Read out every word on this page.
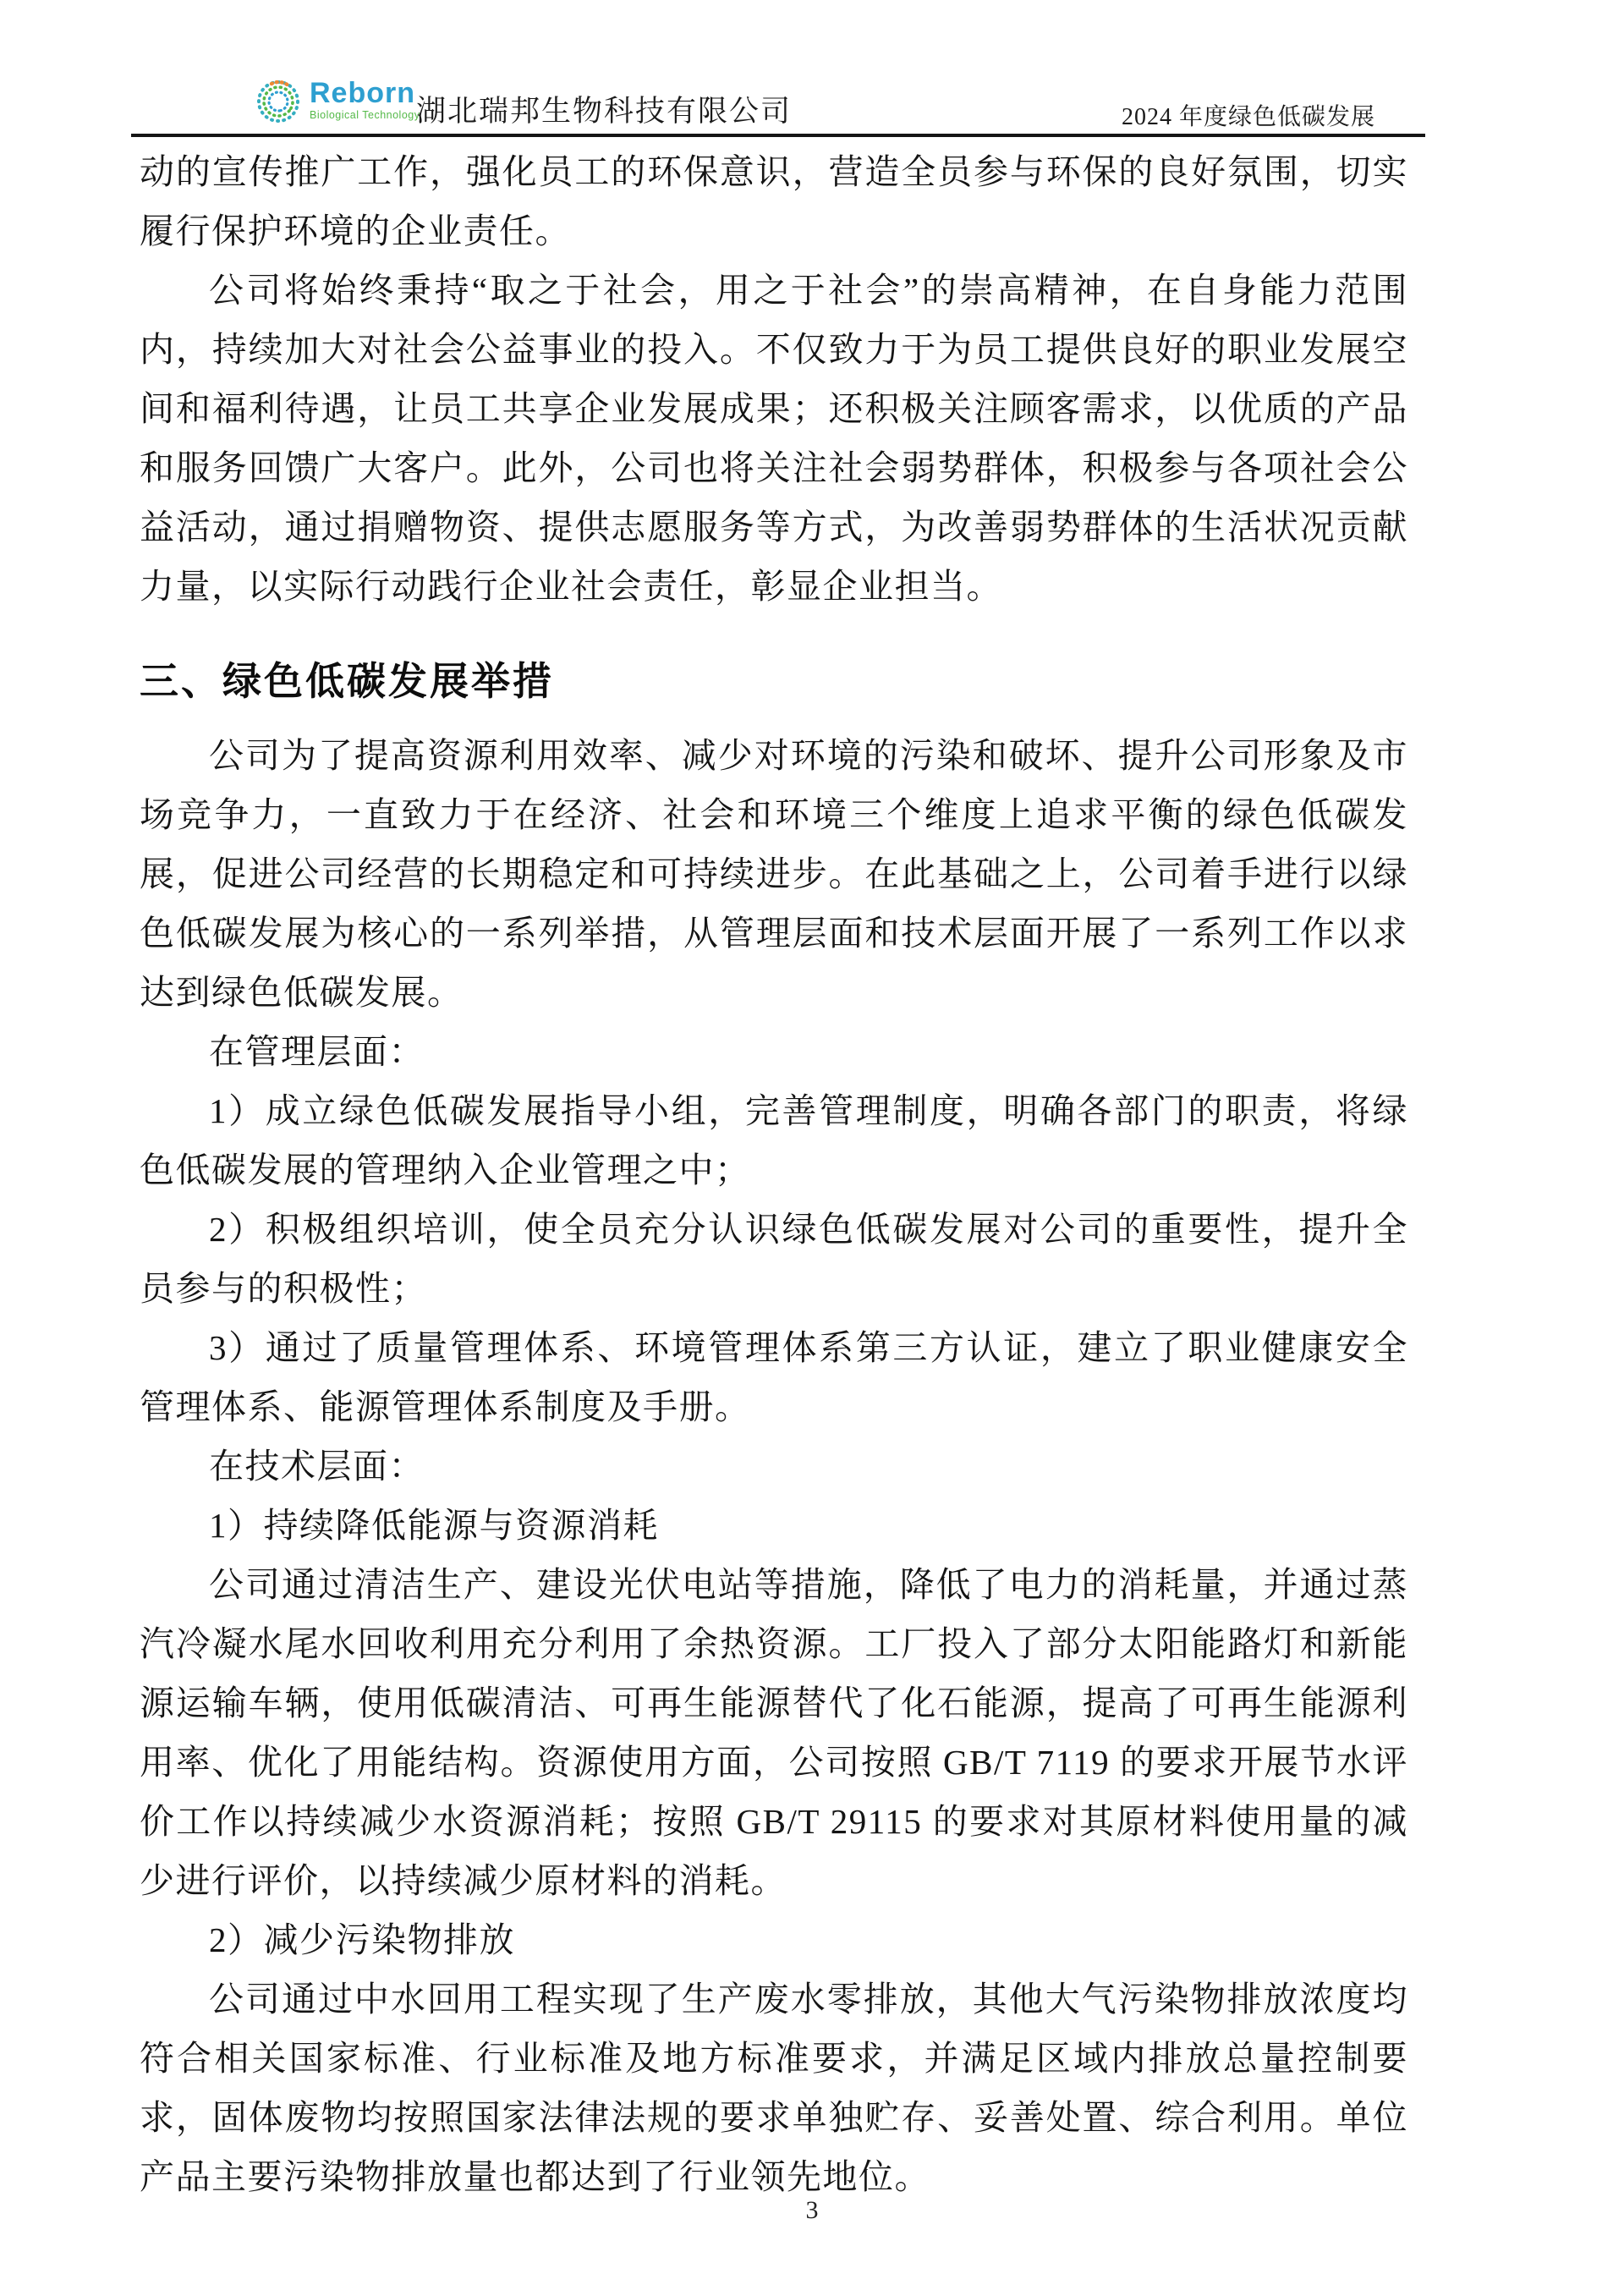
Reborn
Biological Technology
湖北瑞邦生物科技有限公司	2024 年度绿色低碳发展

动的宣传推广工作，强化员工的环保意识，营造全员参与环保的良好氛围，切实履行保护环境的企业责任。

公司将始终秉持“取之于社会，用之于社会”的崇高精神，在自身能力范围内，持续加大对社会公益事业的投入。不仅致力于为员工提供良好的职业发展空间和福利待遇，让员工共享企业发展成果；还积极关注顾客需求，以优质的产品和服务回馈广大客户。此外，公司也将关注社会弱势群体，积极参与各项社会公益活动，通过捐赠物资、提供志愿服务等方式，为改善弱势群体的生活状况贡献力量，以实际行动践行企业社会责任，彰显企业担当。

三、绿色低碳发展举措

公司为了提高资源利用效率、减少对环境的污染和破坏、提升公司形象及市场竞争力，一直致力于在经济、社会和环境三个维度上追求平衡的绿色低碳发展，促进公司经营的长期稳定和可持续进步。在此基础之上，公司着手进行以绿色低碳发展为核心的一系列举措，从管理层面和技术层面开展了一系列工作以求达到绿色低碳发展。

在管理层面：

1）成立绿色低碳发展指导小组，完善管理制度，明确各部门的职责，将绿色低碳发展的管理纳入企业管理之中；

2）积极组织培训，使全员充分认识绿色低碳发展对公司的重要性，提升全员参与的积极性；

3）通过了质量管理体系、环境管理体系第三方认证，建立了职业健康安全管理体系、能源管理体系制度及手册。

在技术层面：

1）持续降低能源与资源消耗

公司通过清洁生产、建设光伏电站等措施，降低了电力的消耗量，并通过蒸汽冷凝水尾水回收利用充分利用了余热资源。工厂投入了部分太阳能路灯和新能源运输车辆，使用低碳清洁、可再生能源替代了化石能源，提高了可再生能源利用率、优化了用能结构。资源使用方面，公司按照 GB/T 7119 的要求开展节水评价工作以持续减少水资源消耗；按照 GB/T 29115 的要求对其原材料使用量的减少进行评价，以持续减少原材料的消耗。

2）减少污染物排放

公司通过中水回用工程实现了生产废水零排放，其他大气污染物排放浓度均符合相关国家标准、行业标准及地方标准要求，并满足区域内排放总量控制要求，固体废物均按照国家法律法规的要求单独贮存、妥善处置、综合利用。单位产品主要污染物排放量也都达到了行业领先地位。

3
